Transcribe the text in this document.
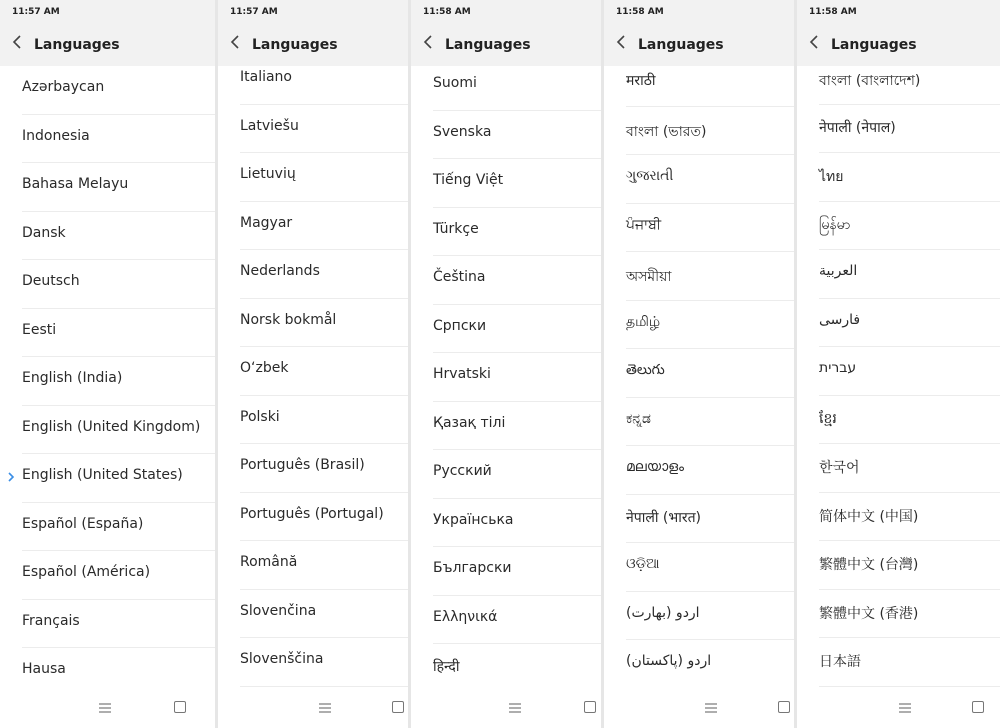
11:57 AM
Languages
Azərbaycan
Indonesia
Bahasa Melayu
Dansk
Deutsch
Eesti
English (India)
English (United Kingdom)
English (United States)
Español (España)
Español (América)
Français
Hausa
11:57 AM
Languages
Italiano
Latviešu
Lietuvių
Magyar
Nederlands
Norsk bokmål
O‘zbek
Polski
Português (Brasil)
Português (Portugal)
Română
Slovenčina
Slovenščina
11:58 AM
Languages
Suomi
Svenska
Tiếng Việt
Türkçe
Čeština
Српски
Hrvatski
Қазақ тілі
Русский
Українська
Български
Ελληνικά
हिन्दी
11:58 AM
Languages
मराठी
বাংলা (ভারত)
ગુજરાતી
ਪੰਜਾਬੀ
অসমীয়া
தமிழ்
తెలుగు
ಕನ್ನಡ
മലയാളം
नेपाली (भारत)
ଓଡ଼ିଆ
اردو (بھارت)
اردو (پاکستان)
11:58 AM
Languages
বাংলা (বাংলাদেশ)
नेपाली (नेपाल)
ไทย
မြန်မာ
العربية
فارسی
עברית
ខ្មែរ
한국어
简体中文 (中国)
繁體中文 (台灣)
繁體中文 (香港)
日本語
